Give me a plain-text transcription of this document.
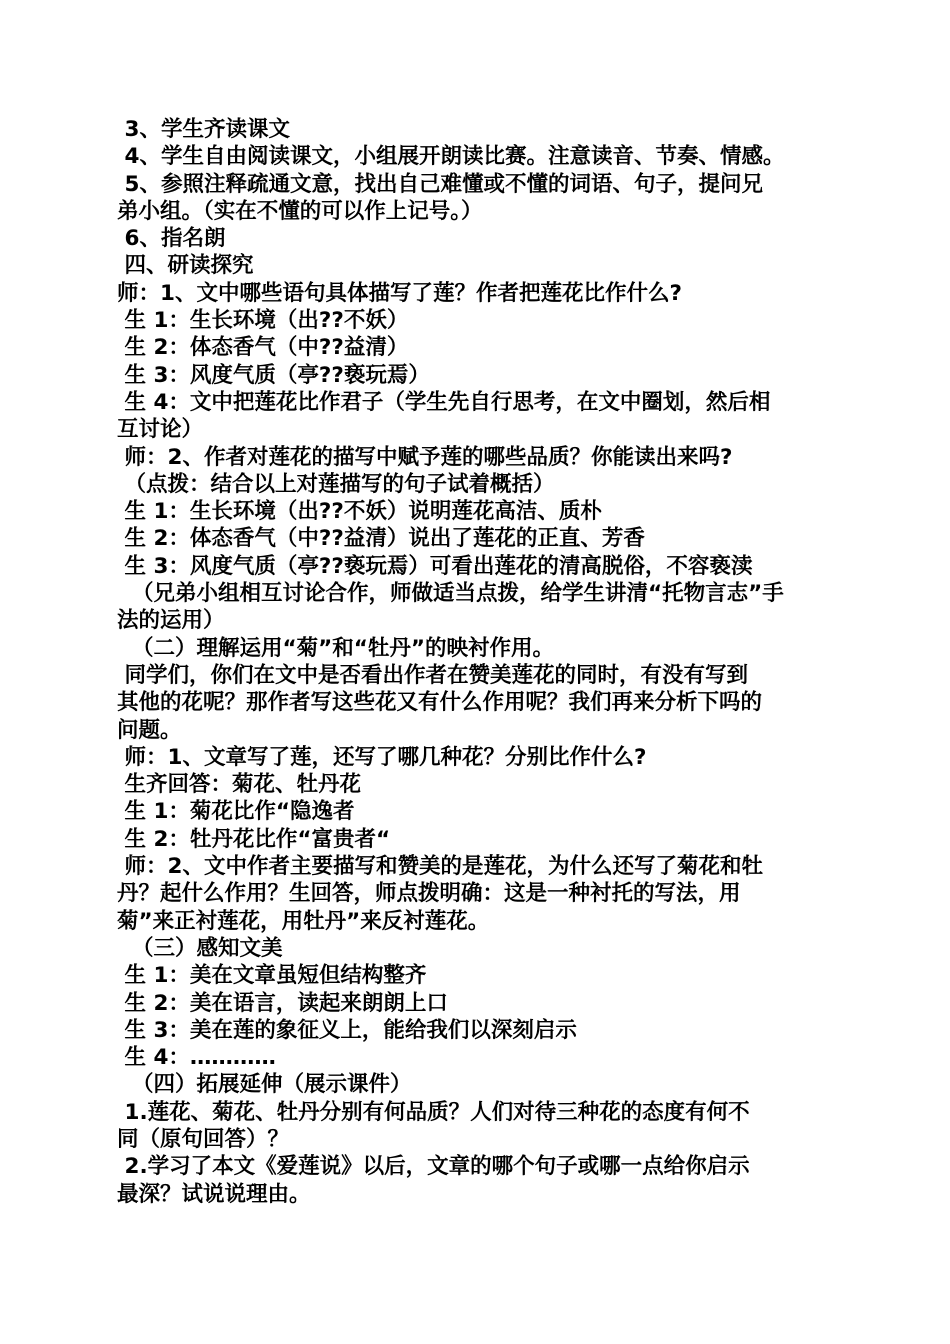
3、学生齐读课文
4、学生自由阅读课文，小组展开朗读比赛。注意读音、节奏、情感。
5、参照注释疏通文意，找出自己难懂或不懂的词语、句子，提问兄
弟小组。（实在不懂的可以作上记号。）
6、指名朗
四、研读探究
师：1、文中哪些语句具体描写了莲？作者把莲花比作什么?
生 1：生长环境（出??不妖）
生 2：体态香气（中??益清）
生 3：风度气质（亭??亵玩焉）
生 4：文中把莲花比作君子（学生先自行思考，在文中圈划，然后相
互讨论）
师：2、作者对莲花的描写中赋予莲的哪些品质？你能读出来吗?
（点拨：结合以上对莲描写的句子试着概括）
生 1：生长环境（出??不妖）说明莲花高洁、质朴
生 2：体态香气（中??益清）说出了莲花的正直、芳香
生 3：风度气质（亭??亵玩焉）可看出莲花的清高脱俗，不容亵渎
（兄弟小组相互讨论合作，师做适当点拨，给学生讲清“托物言志”手
法的运用）
（二）理解运用“菊”和“牡丹”的映衬作用。
同学们，你们在文中是否看出作者在赞美莲花的同时，有没有写到
其他的花呢？那作者写这些花又有什么作用呢？我们再来分析下吗的
问题。
师：1、文章写了莲，还写了哪几种花？分别比作什么?
生齐回答：菊花、牡丹花
生 1：菊花比作“隐逸者
生 2：牡丹花比作“富贵者“
师：2、文中作者主要描写和赞美的是莲花，为什么还写了菊花和牡
丹？起什么作用？生回答，师点拨明确：这是一种衬托的写法，用
菊”来正衬莲花，用牡丹”来反衬莲花。
（三）感知文美
生 1：美在文章虽短但结构整齐
生 2：美在语言，读起来朗朗上口
生 3：美在莲的象征义上，能给我们以深刻启示
生 4：…………
（四）拓展延伸（展示课件）
1.莲花、菊花、牡丹分别有何品质？人们对待三种花的态度有何不
同（原句回答）？
2.学习了本文《爱莲说》以后，文章的哪个句子或哪一点给你启示
最深？试说说理由。
